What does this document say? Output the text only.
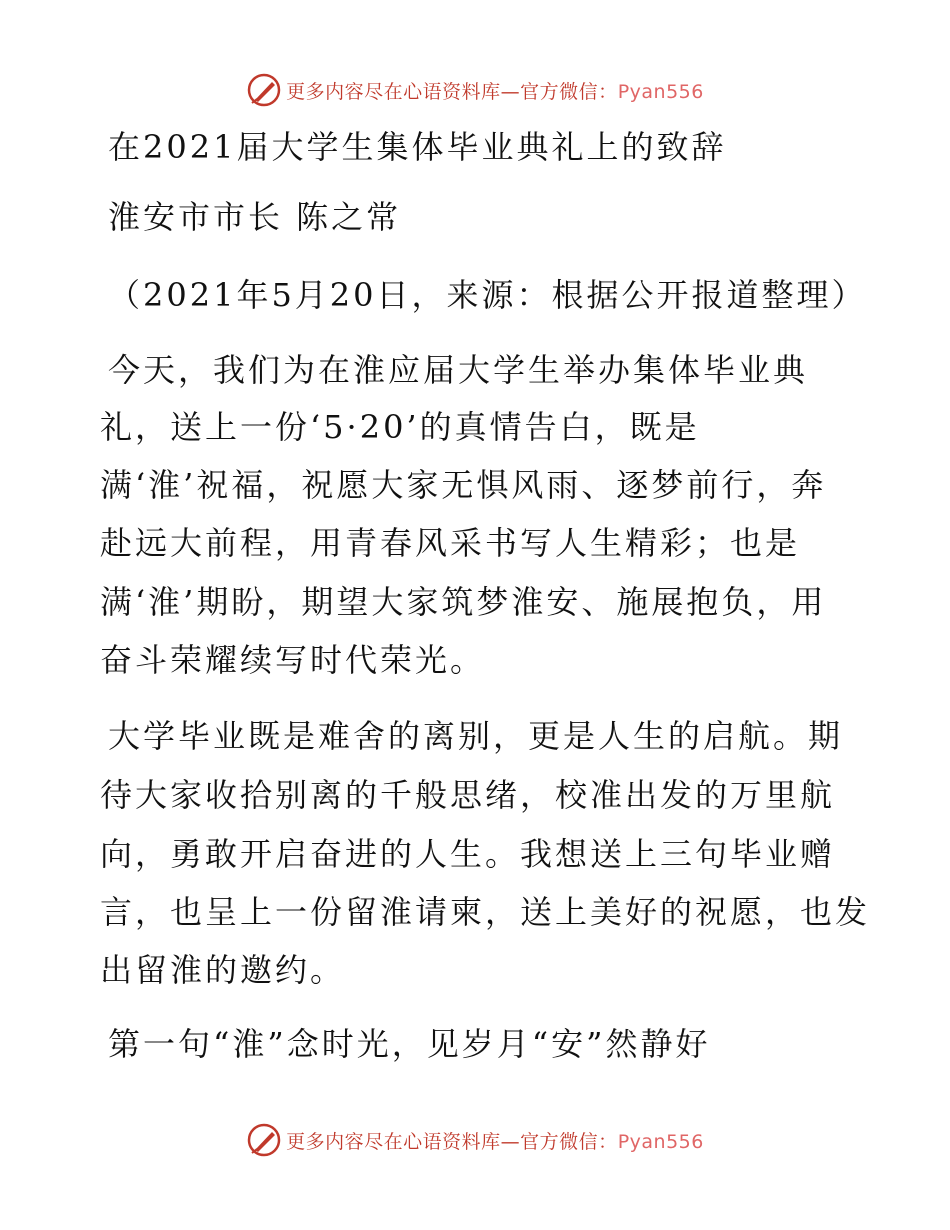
更多内容尽在心语资料库—官方微信：Pyan556
在2021届大学生集体毕业典礼上的致辞
淮安市市长 陈之常
（2021年5月20日，来源：根据公开报道整理）
今天，我们为在淮应届大学生举办集体毕业典
礼，送上一份‘5·20’的真情告白，既是
满‘淮’祝福，祝愿大家无惧风雨、逐梦前行，奔
赴远大前程，用青春风采书写人生精彩；也是
满‘淮’期盼，期望大家筑梦淮安、施展抱负，用
奋斗荣耀续写时代荣光。
大学毕业既是难舍的离别，更是人生的启航。期
待大家收拾别离的千般思绪，校准出发的万里航
向，勇敢开启奋进的人生。我想送上三句毕业赠
言，也呈上一份留淮请柬，送上美好的祝愿，也发
出留淮的邀约。
第一句“淮”念时光，见岁月“安”然静好
更多内容尽在心语资料库—官方微信：Pyan556
